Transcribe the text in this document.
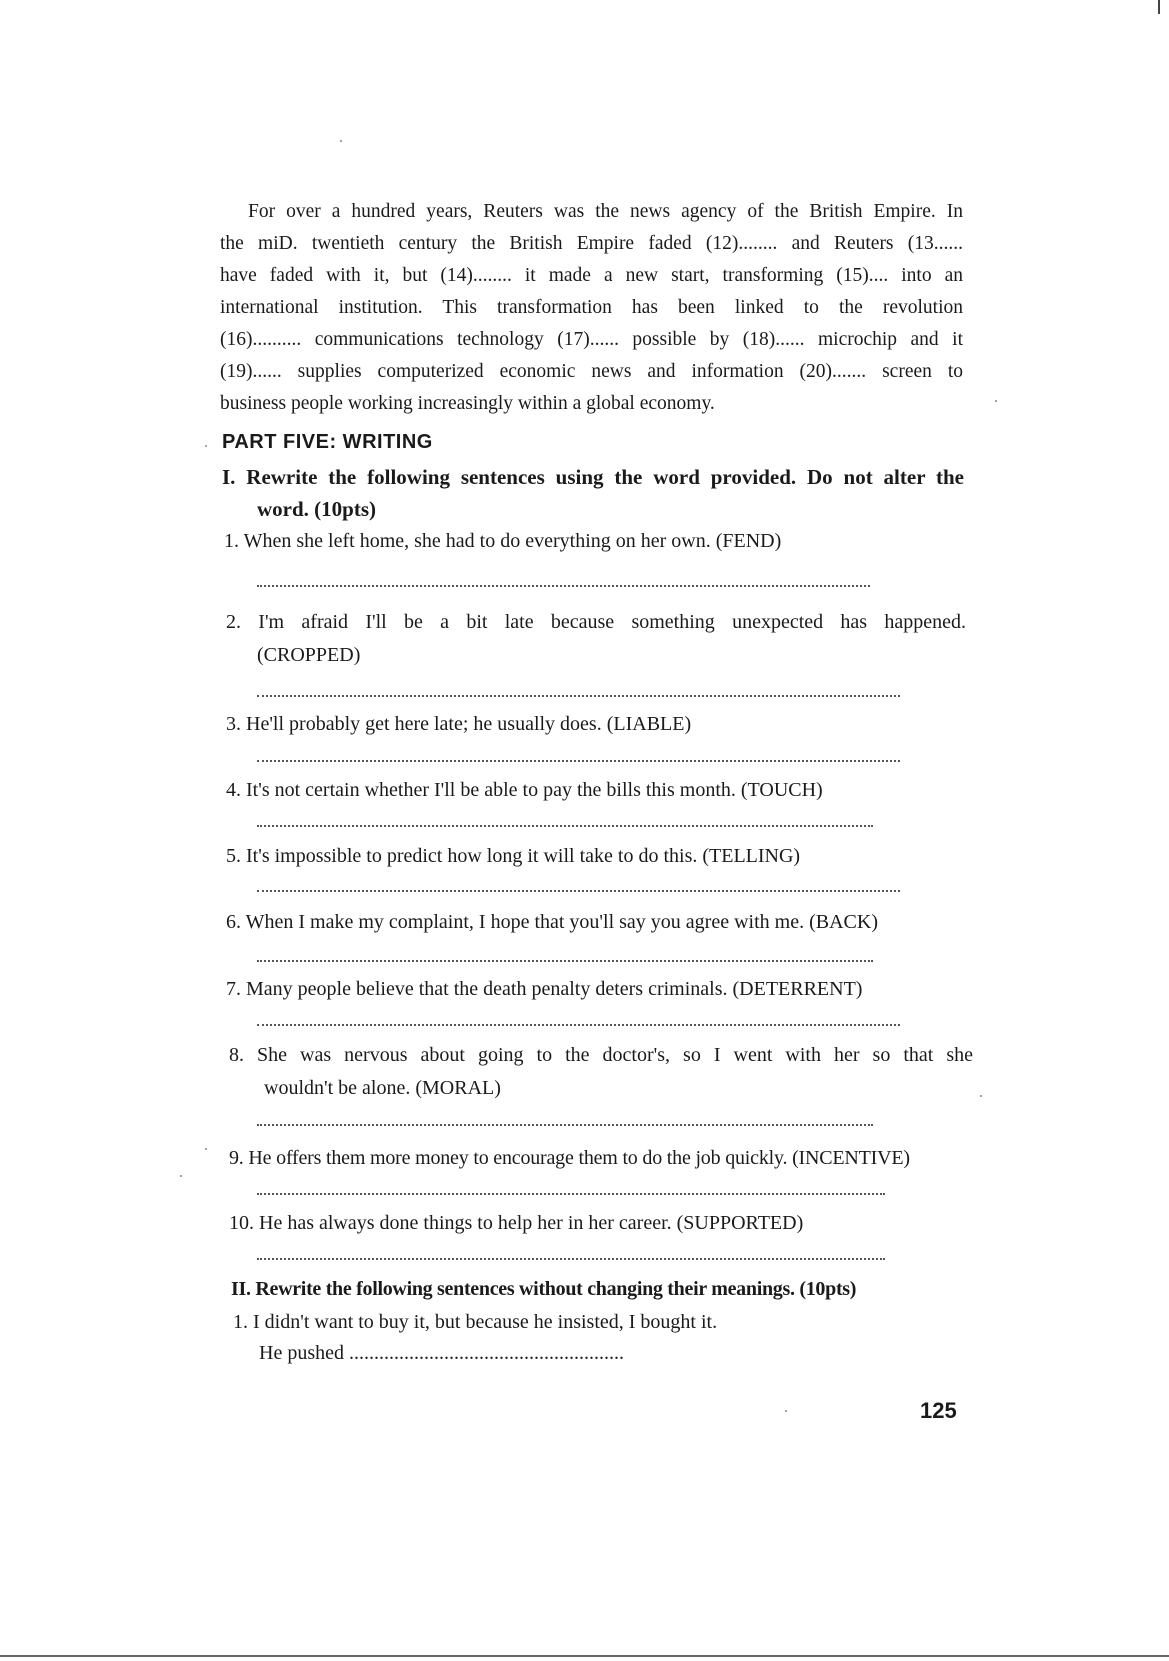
For over a hundred years, Reuters was the news agency of the British Empire. In
the miD. twentieth century the British Empire faded (12)........ and Reuters (13......
have faded with it, but (14)........ it made a new start, transforming (15).... into an
international institution. This transformation has been linked to the revolution
(16).......... communications technology (17)...... possible by (18)...... microchip and it
(19)...... supplies computerized economic news and information (20)....... screen to
business people working increasingly within a global economy.
PART FIVE: WRITING
I. Rewrite the following sentences using the word provided. Do not alter the
word. (10pts)
1. When she left home, she had to do everything on her own. (FEND)
2. I'm afraid I'll be a bit late because something unexpected has happened.
(CROPPED)
3. He'll probably get here late; he usually does. (LIABLE)
4. It's not certain whether I'll be able to pay the bills this month. (TOUCH)
5. It's impossible to predict how long it will take to do this. (TELLING)
6. When I make my complaint, I hope that you'll say you agree with me. (BACK)
7. Many people believe that the death penalty deters criminals. (DETERRENT)
8. She was nervous about going to the doctor's, so I went with her so that she
wouldn't be alone. (MORAL)
9. He offers them more money to encourage them to do the job quickly. (INCENTIVE)
10. He has always done things to help her in her career. (SUPPORTED)
II. Rewrite the following sentences without changing their meanings. (10pts)
1. I didn't want to buy it, but because he insisted, I bought it.
He pushed .......................................................
125
